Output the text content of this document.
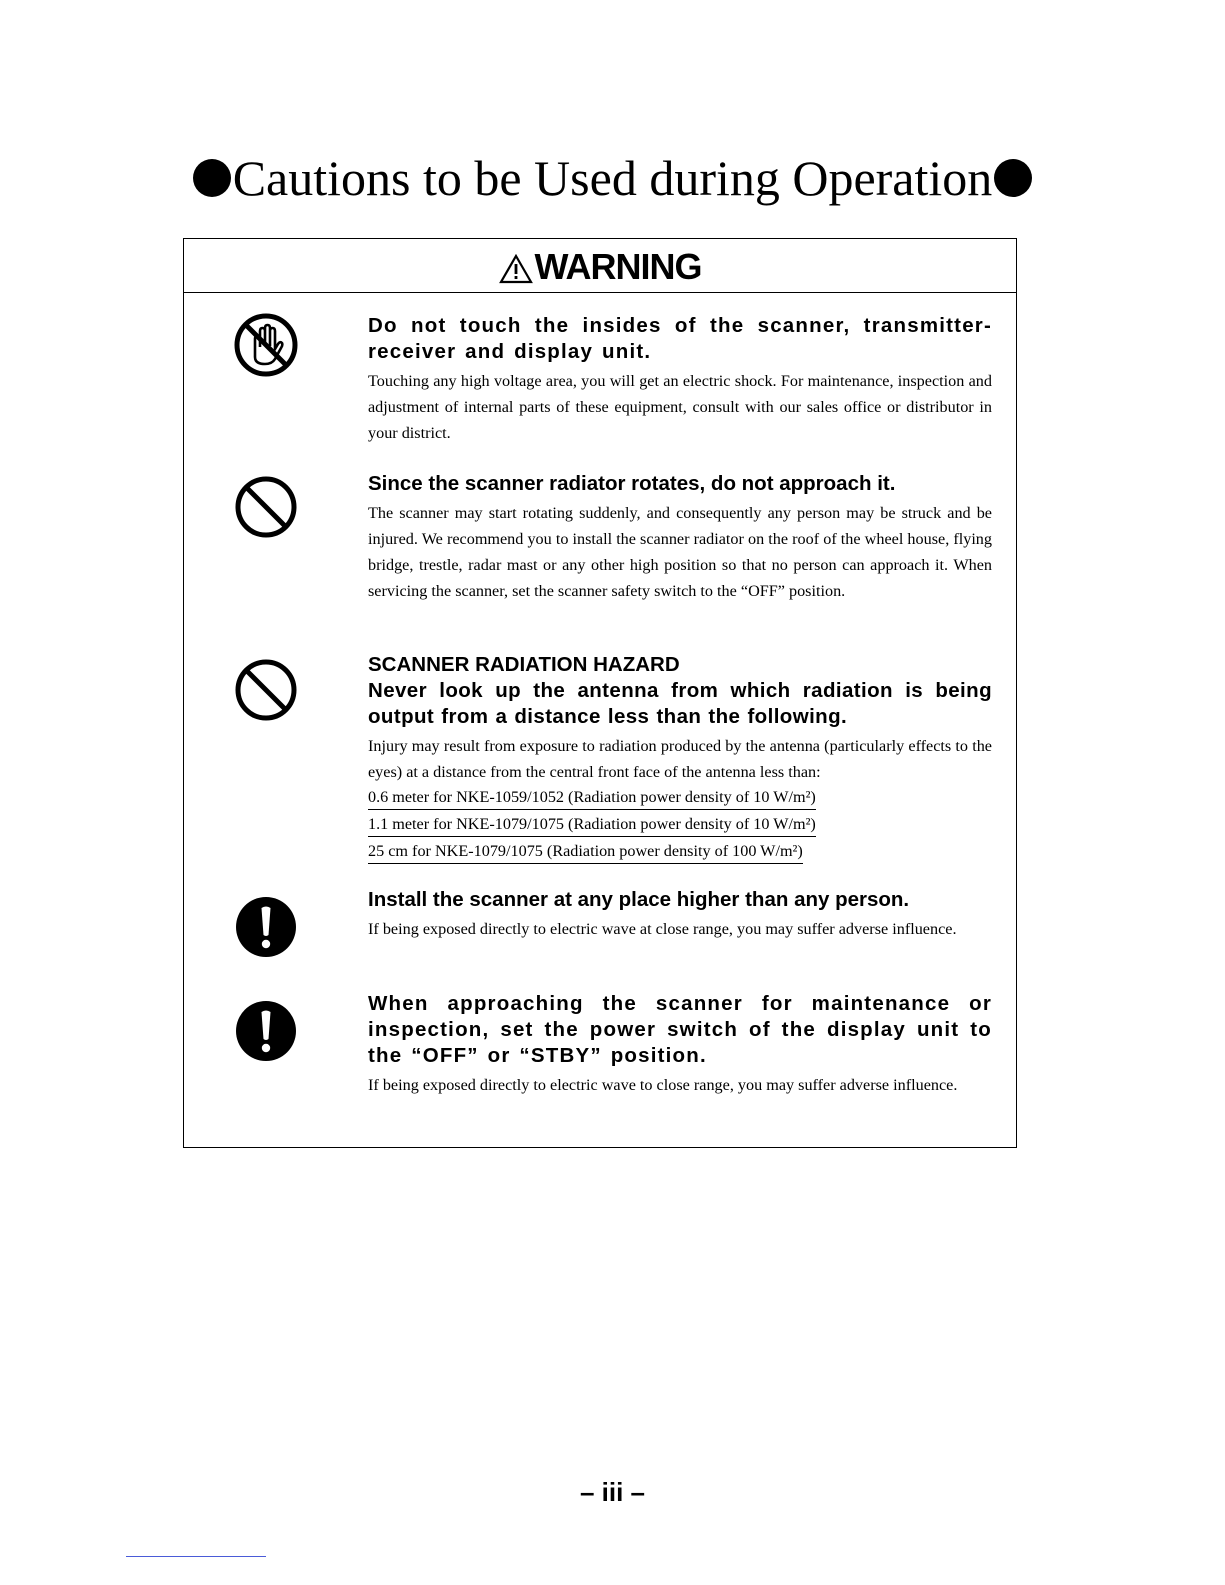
Cautions to be Used during Operation
WARNING
Do not touch the insides of the scanner, transmitter-receiver and display unit.
Touching any high voltage area, you will get an electric shock. For maintenance, inspection and adjustment of internal parts of these equipment, consult with our sales office or distributor in your district.
Since the scanner radiator rotates, do not approach it.
The scanner may start rotating suddenly, and consequently any person may be struck and be injured. We recommend you to install the scanner radiator on the roof of the wheel house, flying bridge, trestle, radar mast or any other high position so that no person can approach it. When servicing the scanner, set the scanner safety switch to the “OFF” position.
SCANNER RADIATION HAZARD
Never look up the antenna from which radiation is being output from a distance less than the following.
Injury may result from exposure to radiation produced by the antenna (particularly effects to the eyes) at a distance from the central front face of the antenna less than:
0.6 meter for NKE-1059/1052 (Radiation power density of 10 W/m²)
1.1 meter for NKE-1079/1075 (Radiation power density of 10 W/m²)
25 cm for NKE-1079/1075 (Radiation power density of 100 W/m²)
Install the scanner at any place higher than any person.
If being exposed directly to electric wave at close range, you may suffer adverse influence.
When approaching the scanner for maintenance or inspection, set the power switch of the display unit to the “OFF” or “STBY” position.
If being exposed directly to electric wave to close range, you may suffer adverse influence.
– iii –
